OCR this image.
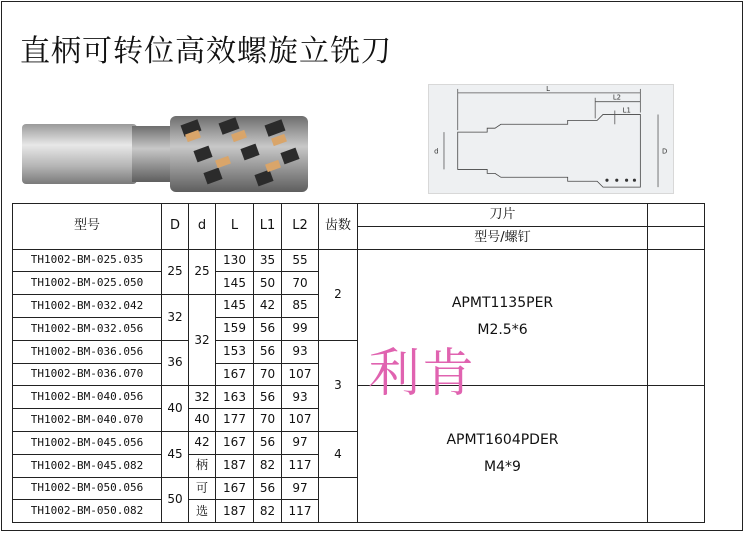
直柄可转位高效螺旋立铣刀
L
L2
L1
d	D
型号	D	d	L	L1	L2	齿数	刀片	
							型号/螺钉	

TH1002-BM-025.035	25	25	130	35	55	2	APMT1135PER
M2.5*6	

TH1002-BM-025.050			145	50	70			
TH1002-BM-032.042	32	32	145	42	85			
TH1002-BM-032.056			159	56	99			
TH1002-BM-036.056	36		153	56	93	3		
TH1002-BM-036.070			167	70	107			
TH1002-BM-040.056	40	32	163	56	93		APMT1604PDER
M4*9	

TH1002-BM-040.070		40	177	70	107			
TH1002-BM-045.056	45	42	167	56	97	4		
TH1002-BM-045.082		柄	187	82	117			
TH1002-BM-050.056	50	可	167	56	97			
TH1002-BM-050.082		选	187	82	117			
利肯
